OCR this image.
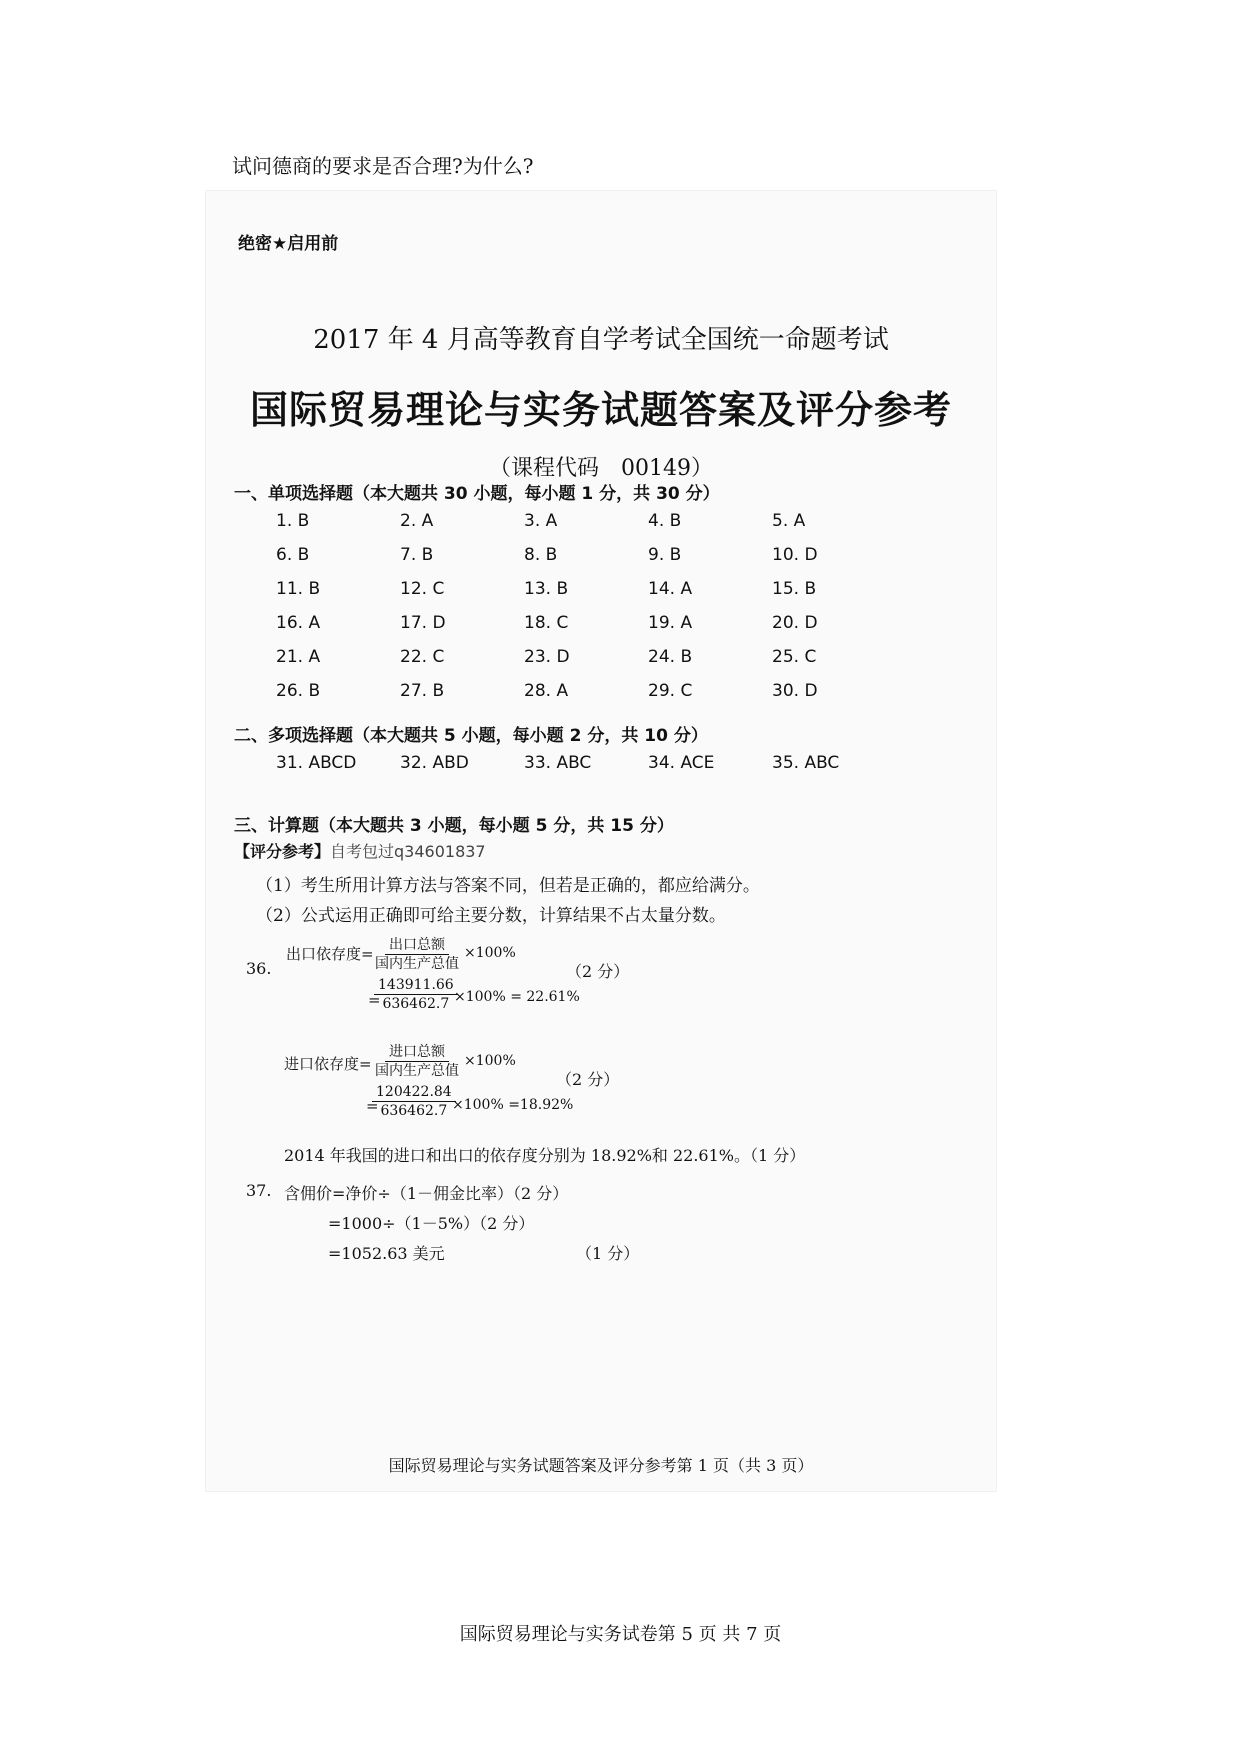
试问德商的要求是否合理?为什么?
绝密★启用前
2017 年 4 月高等教育自学考试全国统一命题考试
国际贸易理论与实务试题答案及评分参考
（课程代码　00149）
一、单项选择题（本大题共 30 小题，每小题 1 分，共 30 分）
1. B	2. A	3. A	4. B	5. A
6. B	7. B	8. B	9. B	10. D
11. B	12. C	13. B	14. A	15. B
16. A	17. D	18. C	19. A	20. D
21. A	22. C	23. D	24. B	25. C
26. B	27. B	28. A	29. C	30. D
二、多项选择题（本大题共 5 小题，每小题 2 分，共 10 分）
31. ABCD	32. ABD	33. ABC	34. ACE	35. ABC
三、计算题（本大题共 3 小题，每小题 5 分，共 15 分）
【评分参考】自考包过q34601837
（1）考生所用计算方法与答案不同，但若是正确的，都应给满分。
（2）公式运用正确即可给主要分数，计算结果不占太量分数。
36.
出口依存度= 出口总额
国内生产总值
×100%
（2 分）
=
$\frac{143911.66}{636462.7}$
×100% = 22.61%
进口依存度=
进口总额
国内生产总值
×100%
（2 分）
=
$\frac{120422.84}{636462.7}$
×100% =18.92%
2014 年我国的进口和出口的依存度分别为 18.92%和 22.61%。（1 分）
37. 含佣价=净价÷（1－佣金比率）（2 分）
=1000÷（1－5%）（2 分）
=1052.63 美元	（1 分）
国际贸易理论与实务试题答案及评分参考第 1 页（共 3 页）
国际贸易理论与实务试卷第 5 页 共 7 页
